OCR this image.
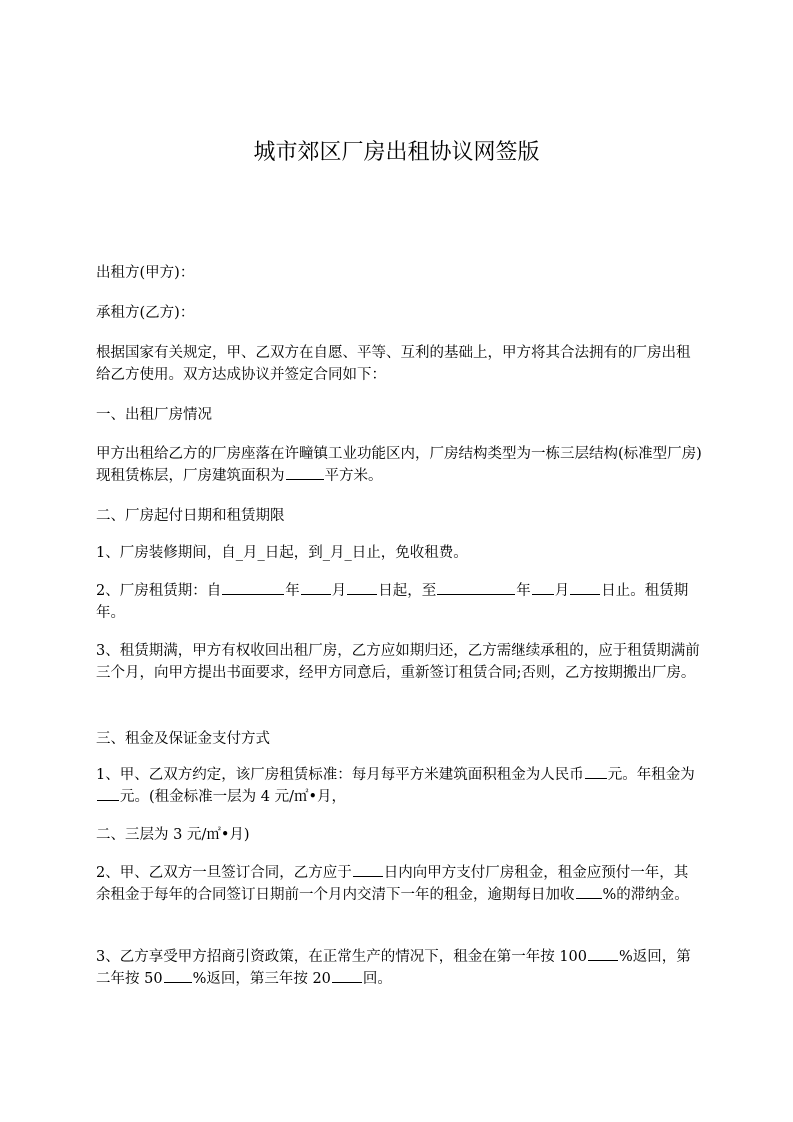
城市郊区厂房出租协议网签版

出租方(甲方)：

承租方(乙方)：

根据国家有关规定，甲、乙双方在自愿、平等、互利的基础上，甲方将其合法拥有的厂房出租给乙方使用。双方达成协议并签定合同如下：

一、出租厂房情况

甲方出租给乙方的厂房座落在许疃镇工业功能区内，厂房结构类型为一栋三层结构(标准型厂房)现租赁栋层，厂房建筑面积为	平方米。

二、厂房起付日期和租赁期限

1、厂房装修期间，自_月_日起，到_月_日止，免收租费。

2、厂房租赁期：自	年 月 日起，至	年 月 日止。租赁期年。

3、租赁期满，甲方有权收回出租厂房，乙方应如期归还，乙方需继续承租的，应于租赁期满前三个月，向甲方提出书面要求，经甲方同意后，重新签订租赁合同;否则，乙方按期搬出厂房。

三、租金及保证金支付方式

1、甲、乙双方约定，该厂房租赁标准：每月每平方米建筑面积租金为人民币 元。年租金为元。(租金标准一层为 4 元/㎡•月，

二、三层为 3 元/㎡•月)

2、甲、乙双方一旦签订合同，乙方应于 日内向甲方支付厂房租金，租金应预付一年，其余租金于每年的合同签订日期前一个月内交清下一年的租金，逾期每日加收 %的滞纳金。

3、乙方享受甲方招商引资政策，在正常生产的情况下，租金在第一年按 100 %返回，第二年按 50 %返回，第三年按 20 回。
